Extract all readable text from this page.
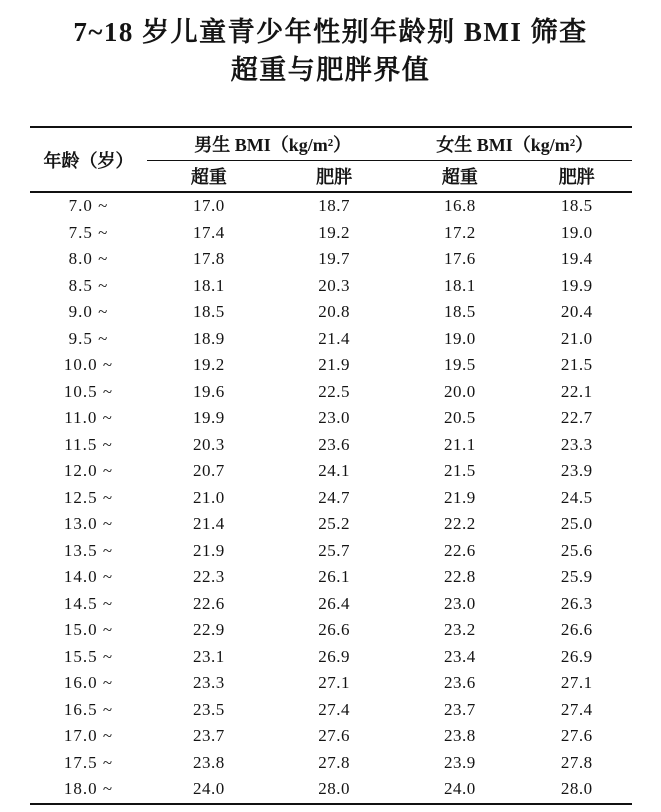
7~18 岁儿童青少年性别年龄别 BMI 筛查
超重与肥胖界值
年龄（岁）	男生 BMI（kg/m²）		女生 BMI（kg/m²）	
	超重	肥胖	超重	肥胖
7.0 ~	17.0	18.7	16.8	18.5
7.5 ~	17.4	19.2	17.2	19.0
8.0 ~	17.8	19.7	17.6	19.4
8.5 ~	18.1	20.3	18.1	19.9
9.0 ~	18.5	20.8	18.5	20.4
9.5 ~	18.9	21.4	19.0	21.0
10.0 ~	19.2	21.9	19.5	21.5
10.5 ~	19.6	22.5	20.0	22.1
11.0 ~	19.9	23.0	20.5	22.7
11.5 ~	20.3	23.6	21.1	23.3
12.0 ~	20.7	24.1	21.5	23.9
12.5 ~	21.0	24.7	21.9	24.5
13.0 ~	21.4	25.2	22.2	25.0
13.5 ~	21.9	25.7	22.6	25.6
14.0 ~	22.3	26.1	22.8	25.9
14.5 ~	22.6	26.4	23.0	26.3
15.0 ~	22.9	26.6	23.2	26.6
15.5 ~	23.1	26.9	23.4	26.9
16.0 ~	23.3	27.1	23.6	27.1
16.5 ~	23.5	27.4	23.7	27.4
17.0 ~	23.7	27.6	23.8	27.6
17.5 ~	23.8	27.8	23.9	27.8
18.0 ~	24.0	28.0	24.0	28.0
